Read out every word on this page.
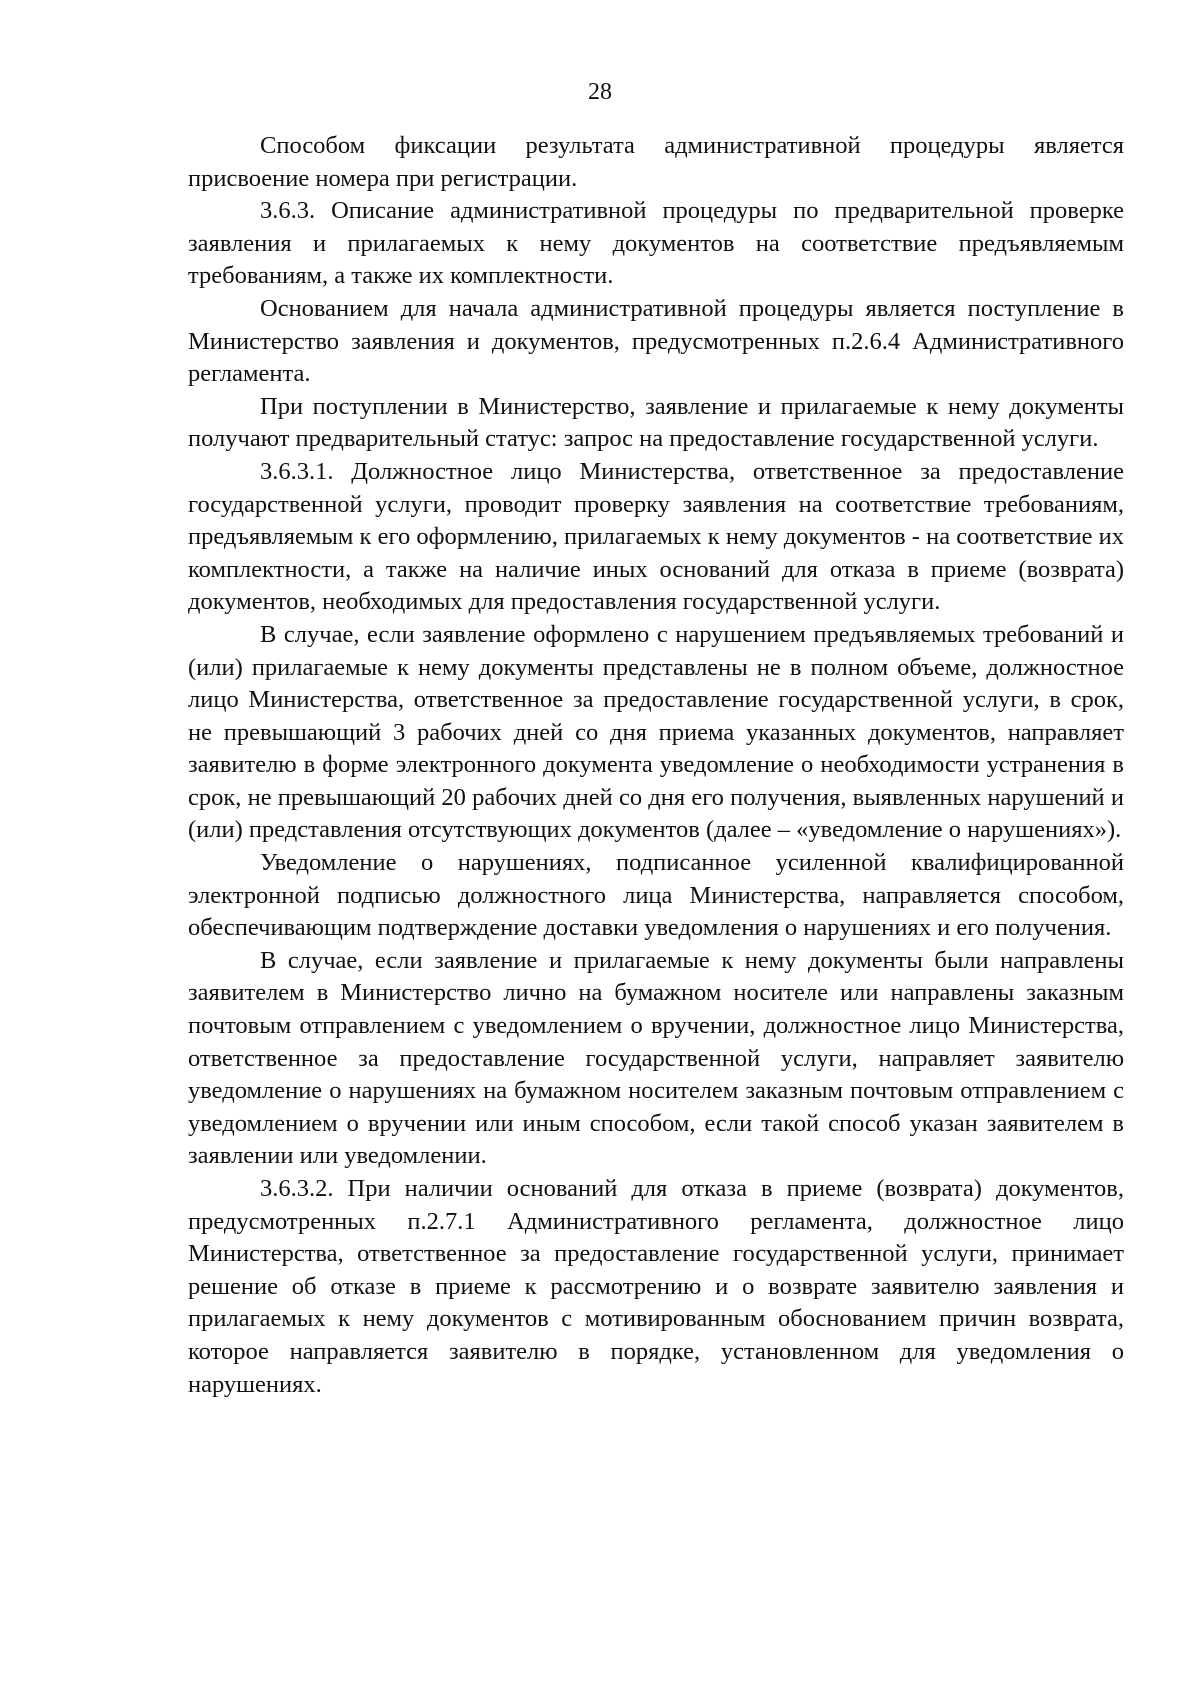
28

Способом фиксации результата административной процедуры является присвоение номера при регистрации.

3.6.3. Описание административной процедуры по предварительной проверке заявления и прилагаемых к нему документов на соответствие предъявляемым требованиям, а также их комплектности.

Основанием для начала административной процедуры является поступление в Министерство заявления и документов, предусмотренных п.2.6.4 Административного регламента.

При поступлении в Министерство, заявление и прилагаемые к нему документы получают предварительный статус: запрос на предоставление государственной услуги.

3.6.3.1. Должностное лицо Министерства, ответственное за предоставление государственной услуги, проводит проверку заявления на соответствие требованиям, предъявляемым к его оформлению, прилагаемых к нему документов - на соответствие их комплектности, а также на наличие иных оснований для отказа в приеме (возврата) документов, необходимых для предоставления государственной услуги.

В случае, если заявление оформлено с нарушением предъявляемых требований и (или) прилагаемые к нему документы представлены не в полном объеме, должностное лицо Министерства, ответственное за предоставление государственной услуги, в срок, не превышающий 3 рабочих дней со дня приема указанных документов, направляет заявителю в форме электронного документа уведомление о необходимости устранения в срок, не превышающий 20 рабочих дней со дня его получения, выявленных нарушений и (или) представления отсутствующих документов (далее – «уведомление о нарушениях»).

Уведомление о нарушениях, подписанное усиленной квалифицированной электронной подписью должностного лица Министерства, направляется способом, обеспечивающим подтверждение доставки уведомления о нарушениях и его получения.

В случае, если заявление и прилагаемые к нему документы были направлены заявителем в Министерство лично на бумажном носителе или направлены заказным почтовым отправлением с уведомлением о вручении, должностное лицо Министерства, ответственное за предоставление государственной услуги, направляет заявителю уведомление о нарушениях на бумажном носителем заказным почтовым отправлением с уведомлением о вручении или иным способом, если такой способ указан заявителем в заявлении или уведомлении.

3.6.3.2. При наличии оснований для отказа в приеме (возврата) документов, предусмотренных п.2.7.1 Административного регламента, должностное лицо Министерства, ответственное за предоставление государственной услуги, принимает решение об отказе в приеме к рассмотрению и о возврате заявителю заявления и прилагаемых к нему документов с мотивированным обоснованием причин возврата, которое направляется заявителю в порядке, установленном для уведомления о нарушениях.
